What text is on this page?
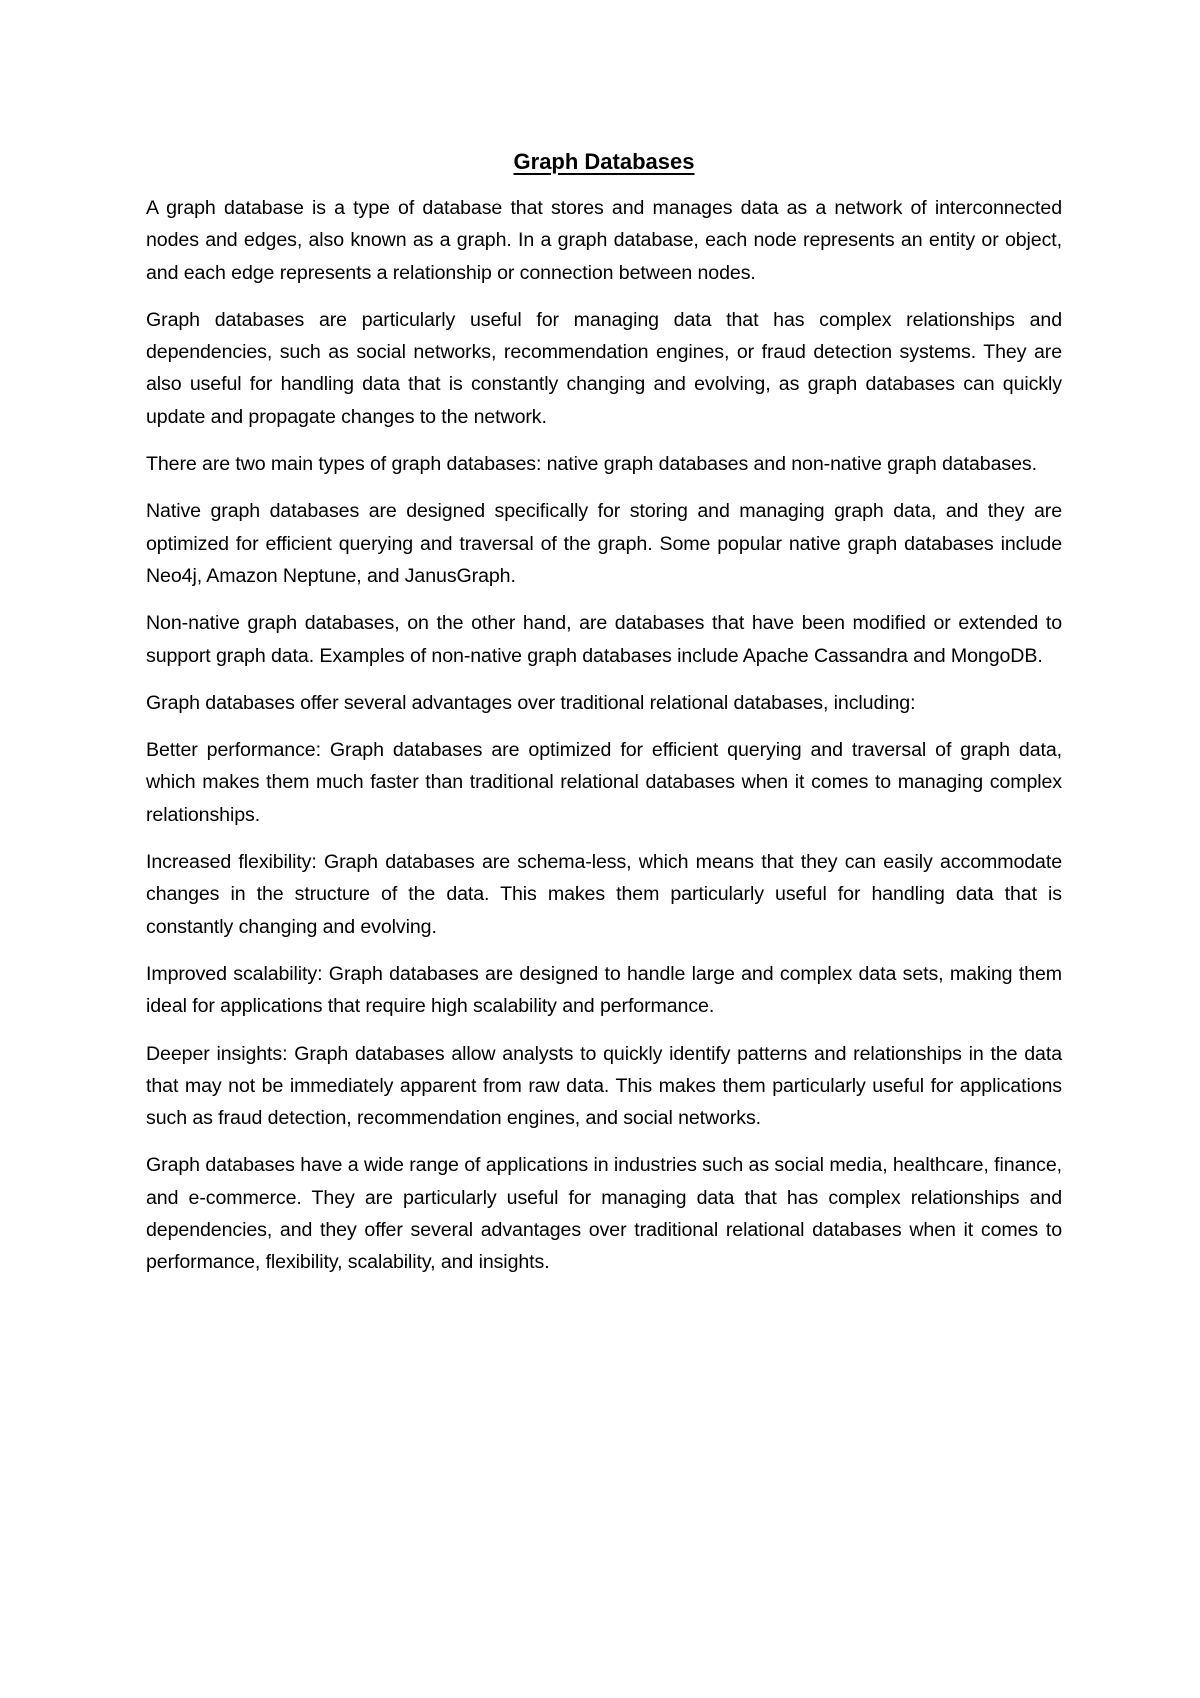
Graph Databases

A graph database is a type of database that stores and manages data as a network of interconnected nodes and edges, also known as a graph. In a graph database, each node represents an entity or object, and each edge represents a relationship or connection between nodes.

Graph databases are particularly useful for managing data that has complex relationships and dependencies, such as social networks, recommendation engines, or fraud detection systems. They are also useful for handling data that is constantly changing and evolving, as graph databases can quickly update and propagate changes to the network.

There are two main types of graph databases: native graph databases and non-native graph databases.

Native graph databases are designed specifically for storing and managing graph data, and they are optimized for efficient querying and traversal of the graph. Some popular native graph databases include Neo4j, Amazon Neptune, and JanusGraph.

Non-native graph databases, on the other hand, are databases that have been modified or extended to support graph data. Examples of non-native graph databases include Apache Cassandra and MongoDB.

Graph databases offer several advantages over traditional relational databases, including:

Better performance: Graph databases are optimized for efficient querying and traversal of graph data, which makes them much faster than traditional relational databases when it comes to managing complex relationships.

Increased flexibility: Graph databases are schema-less, which means that they can easily accommodate changes in the structure of the data. This makes them particularly useful for handling data that is constantly changing and evolving.

Improved scalability: Graph databases are designed to handle large and complex data sets, making them ideal for applications that require high scalability and performance.

Deeper insights: Graph databases allow analysts to quickly identify patterns and relationships in the data that may not be immediately apparent from raw data. This makes them particularly useful for applications such as fraud detection, recommendation engines, and social networks.

Graph databases have a wide range of applications in industries such as social media, healthcare, finance, and e-commerce. They are particularly useful for managing data that has complex relationships and dependencies, and they offer several advantages over traditional relational databases when it comes to performance, flexibility, scalability, and insights.
